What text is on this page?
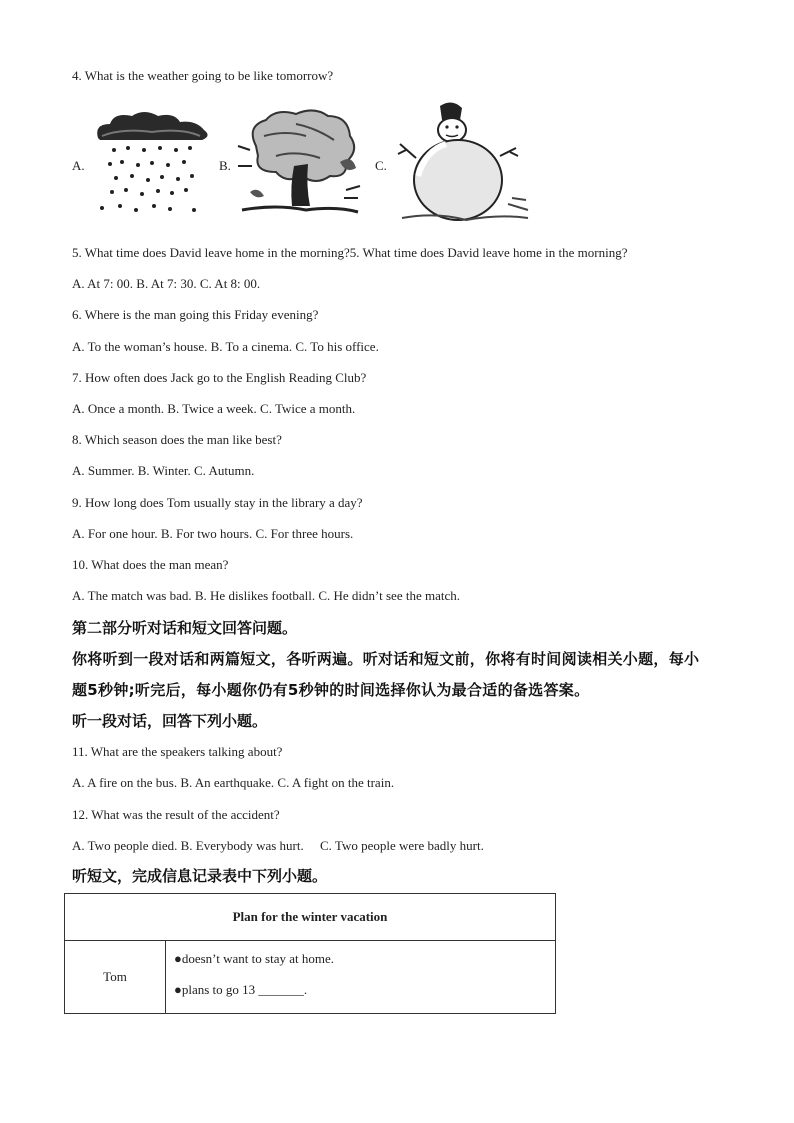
4. What is the weather going to be like tomorrow?

A.	B.	C.

5. What time does David leave home in the morning?5. What time does David leave home in the morning?

A. At 7: 00. B. At 7: 30. C. At 8: 00.

6. Where is the man going this Friday evening?

A. To the woman’s house. B. To a cinema. C. To his office.

7. How often does Jack go to the English Reading Club?

A. Once a month. B. Twice a week. C. Twice a month.

8. Which season does the man like best?

A. Summer. B. Winter. C. Autumn.

9. How long does Tom usually stay in the library a day?

A. For one hour. B. For two hours. C. For three hours.

10. What does the man mean?

A. The match was bad. B. He dislikes football. C. He didn’t see the match.

第二部分听对话和短文回答问题。

你将听到一段对话和两篇短文，各听两遍。听对话和短文前，你将有时间阅读相关小题，每小

题5秒钟;听完后，每小题你仍有5秒钟的时间选择你认为最合适的备选答案。

听一段对话，回答下列小题。

11. What are the speakers talking about?

A. A fire on the bus. B. An earthquake. C. A fight on the train.

12. What was the result of the accident?

A. Two people died. B. Everybody was hurt.     C. Two people were badly hurt.

听短文，完成信息记录表中下列小题。

Plan for the winter vacation
Tom	
●doesn’t want to stay at home.
●plans to go 13 _______.
